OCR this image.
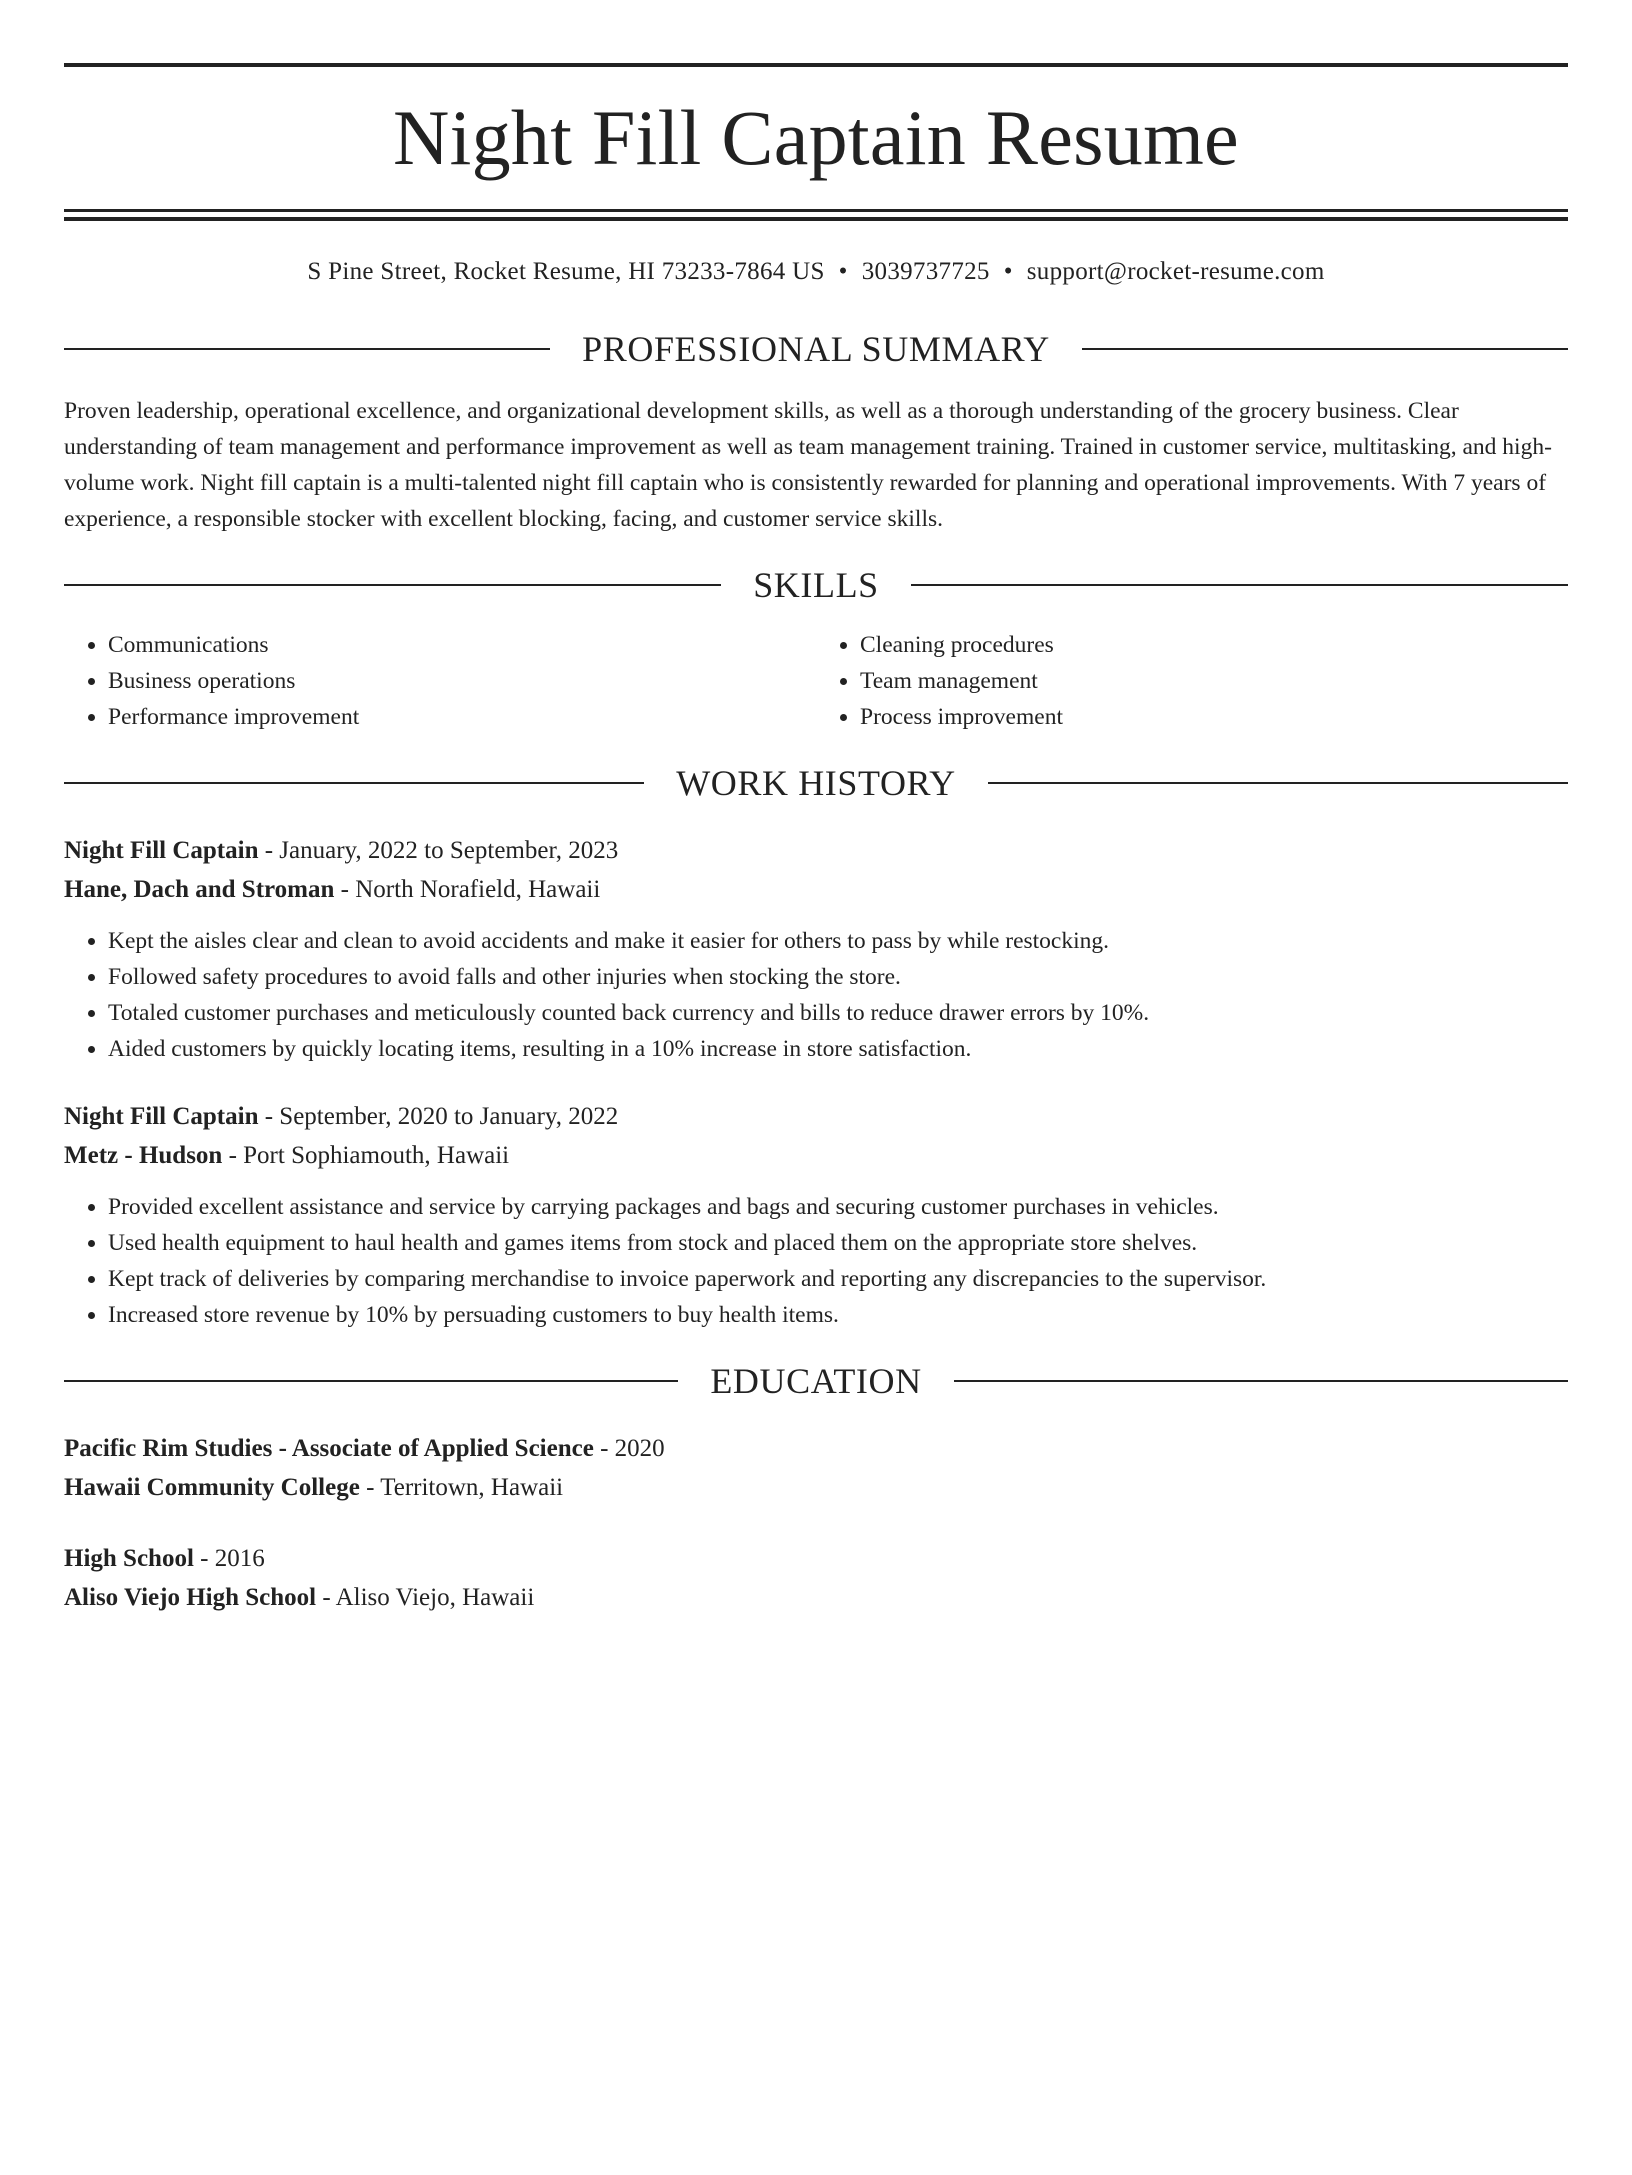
Night Fill Captain Resume
S Pine Street, Rocket Resume, HI 73233-7864 US • 3039737725 • support@rocket-resume.com
PROFESSIONAL SUMMARY
Proven leadership, operational excellence, and organizational development skills, as well as a thorough understanding of the grocery business. Clear understanding of team management and performance improvement as well as team management training. Trained in customer service, multitasking, and high-volume work. Night fill captain is a multi-talented night fill captain who is consistently rewarded for planning and operational improvements. With 7 years of experience, a responsible stocker with excellent blocking, facing, and customer service skills.
SKILLS
• Communications
• Business operations
• Performance improvement
• Cleaning procedures
• Team management
• Process improvement
WORK HISTORY
Night Fill Captain - January, 2022 to September, 2023
Hane, Dach and Stroman - North Norafield, Hawaii
• Kept the aisles clear and clean to avoid accidents and make it easier for others to pass by while restocking.
• Followed safety procedures to avoid falls and other injuries when stocking the store.
• Totaled customer purchases and meticulously counted back currency and bills to reduce drawer errors by 10%.
• Aided customers by quickly locating items, resulting in a 10% increase in store satisfaction.
Night Fill Captain - September, 2020 to January, 2022
Metz - Hudson - Port Sophiamouth, Hawaii
• Provided excellent assistance and service by carrying packages and bags and securing customer purchases in vehicles.
• Used health equipment to haul health and games items from stock and placed them on the appropriate store shelves.
• Kept track of deliveries by comparing merchandise to invoice paperwork and reporting any discrepancies to the supervisor.
• Increased store revenue by 10% by persuading customers to buy health items.
EDUCATION
Pacific Rim Studies - Associate of Applied Science - 2020
Hawaii Community College - Territown, Hawaii
High School - 2016
Aliso Viejo High School - Aliso Viejo, Hawaii
